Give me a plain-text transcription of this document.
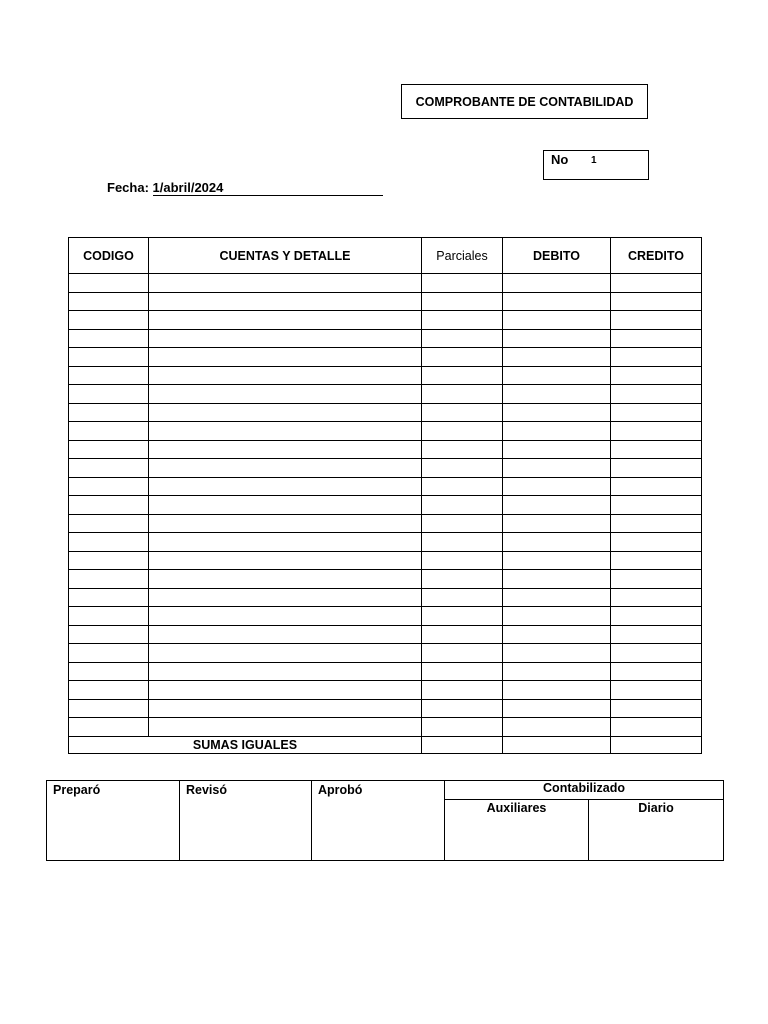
COMPROBANTE DE CONTABILIDAD
No 1
Fecha: 1/abril/2024
CODIGO	CUENTAS Y DETALLE	Parciales	DEBITO	CREDITO

SUMAS IGUALES				
Preparó	Revisó	Aprobó	Contabilizado	
			Auxiliares	Diario
